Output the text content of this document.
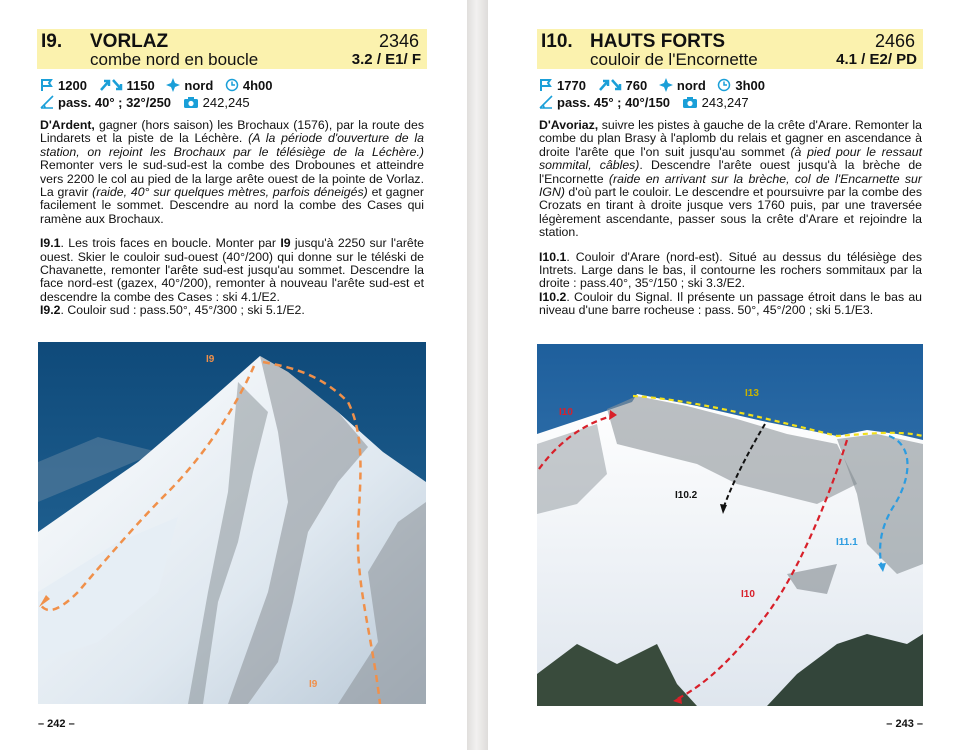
I9. VORLAZ
combe nord en boucle
2346
3.2 / E1/ F
1200	1150 nord 4h00
pass. 40° ; 32°/250 242,245

D'Ardent, gagner (hors saison) les Brochaux (1576), par la route des Lindarets et la piste de la Léchère. (A la période d'ouverture de la station, on rejoint les Brochaux par le télésiège de la Léchère.) Remonter vers le sud-sud-est la combe des Drobounes et atteindre vers 2200 le col au pied de la large arête ouest de la pointe de Vorlaz. La gravir (raide, 40° sur quelques mètres, parfois déneigés) et gagner facilement le sommet. Descendre au nord la combe des Cases qui ramène aux Brochaux.

I9.1. Les trois faces en boucle. Monter par I9 jusqu'à 2250 sur l'arête ouest. Skier le couloir sud-ouest (40°/200) qui donne sur le téléski de Chavanette, remonter l'arête sud-est jusqu'au sommet. Descendre la face nord-est (gazex, 40°/200), remonter à nouveau l'arête sud-est et descendre la combe des Cases : ski 4.1/E2.

I9.2. Couloir sud : pass.50°, 45°/300 ; ski 5.1/E2.

I9
I9
– 242 –
I10. HAUTS FORTS
couloir de l'Encornette
2466
4.1 / E2/ PD
1770	760 nord 3h00
pass. 45° ; 40°/150 243,247

D'Avoriaz, suivre les pistes à gauche de la crête d'Arare. Remonter la combe du plan Brasy à l'aplomb du relais et gagner en ascendance à droite l'arête que l'on suit jusqu'au sommet (à pied pour le ressaut sommital, câbles). Descendre l'arête ouest jusqu'à la brèche de l'Encornette (raide en arrivant sur la brèche, col de l'Encarnette sur IGN) d'où part le couloir. Le descendre et poursuivre par la combe des Crozats en tirant à droite jusque vers 1760 puis, par une traversée légèrement ascendante, passer sous la crête d'Arare et rejoindre la station.

I10.1. Couloir d'Arare (nord-est). Situé au dessus du télésiège des Intrets. Large dans le bas, il contourne les rochers sommitaux par la droite : pass.40°, 35°/150 ; ski 3.3/E2.

I10.2. Couloir du Signal. Il présente un passage étroit dans le bas au niveau d'une barre rocheuse : pass. 50°, 45°/200 ; ski 5.1/E3.

I10
I13
I10.2
I11.1
I10
– 243 –
